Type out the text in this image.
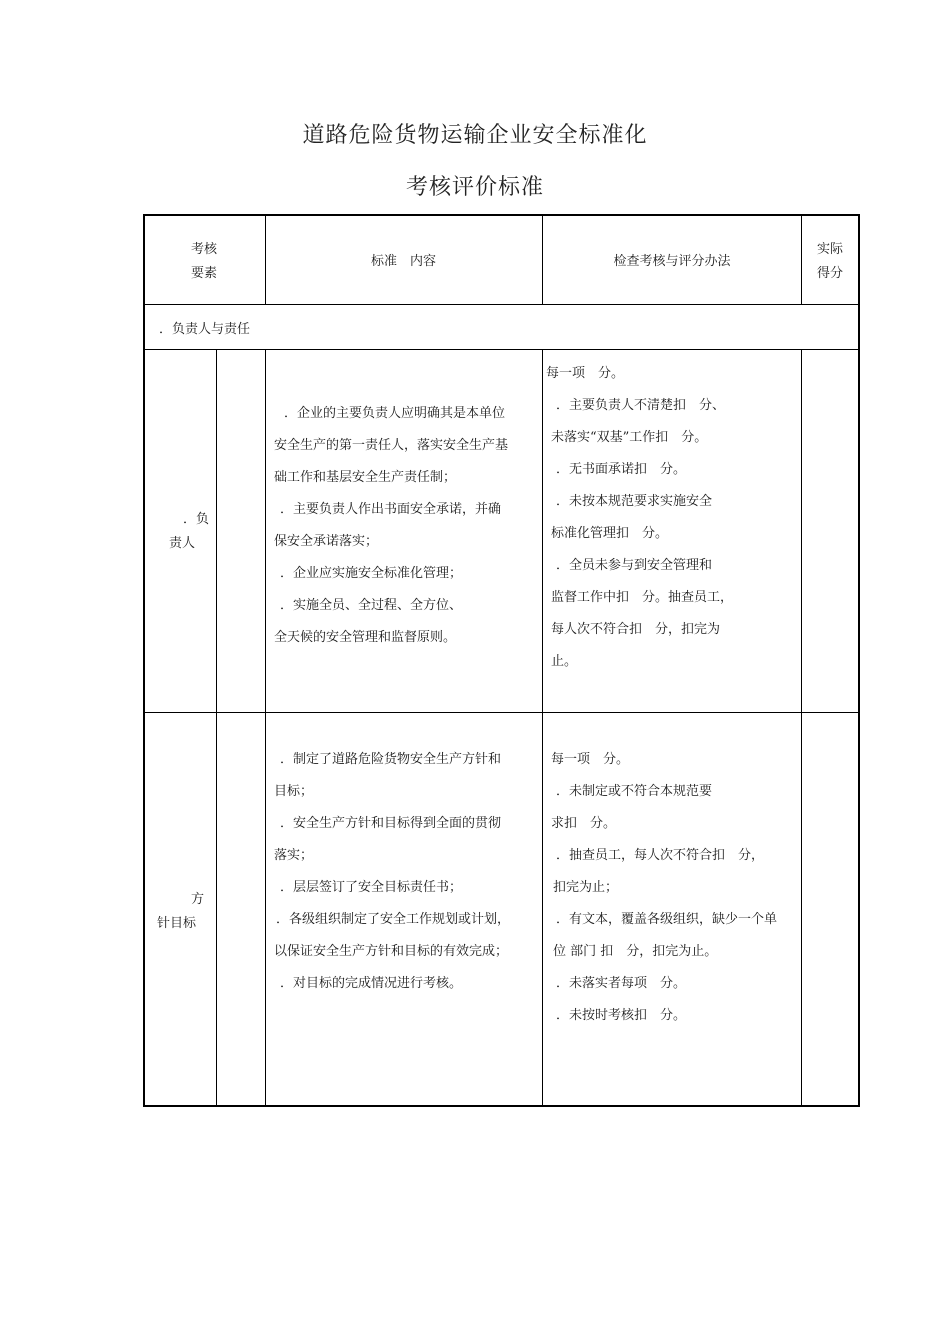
道路危险货物运输企业安全标准化
考核评价标准
考核
要素
标准　内容	检查考核与评分办法
实际
得分
．负责人与责任
．负
责人
．企业的主要负责人应明确其是本单位
安全生产的第一责任人，落实安全生产基
础工作和基层安全生产责任制；
．主要负责人作出书面安全承诺，并确
保安全承诺落实；
．企业应实施安全标准化管理；
．实施全员、全过程、全方位、
全天候的安全管理和监督原则。
每一项　分。
．主要负责人不清楚扣　分、
未落实“双基”工作扣　分。
．无书面承诺扣　分。
．未按本规范要求实施安全
标准化管理扣　分。
．全员未参与到安全管理和
监督工作中扣　分。抽查员工，
每人次不符合扣　分，扣完为
止。
方
针目标
．制定了道路危险货物安全生产方针和
目标；
．安全生产方针和目标得到全面的贯彻
落实；
．层层签订了安全目标责任书；
．各级组织制定了安全工作规划或计划，
以保证安全生产方针和目标的有效完成；
．对目标的完成情况进行考核。
每一项　分。
．未制定或不符合本规范要
求扣　分。
．抽查员工，每人次不符合扣　分，
扣完为止；
．有文本，覆盖各级组织，缺少一个单
位 部门 扣　分，扣完为止。
．未落实者每项　分。
．未按时考核扣　分。
